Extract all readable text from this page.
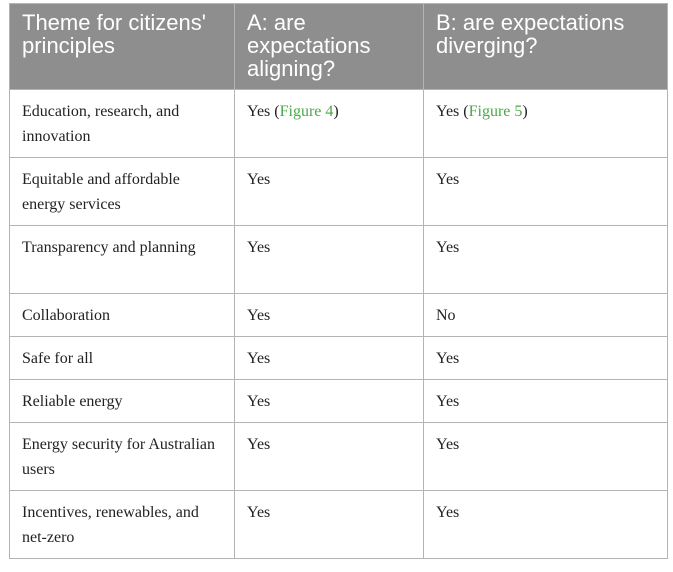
Theme for citizens' principles	A: are expectations aligning?	B: are expectations diverging?
Education, research, and innovation	Yes (Figure 4)	Yes (Figure 5)
Equitable and affordable energy services	Yes	Yes
Transparency and planning	Yes	Yes
Collaboration	Yes	No
Safe for all	Yes	Yes
Reliable energy	Yes	Yes
Energy security for Australian users	Yes	Yes
Incentives, renewables, and net-zero	Yes	Yes
